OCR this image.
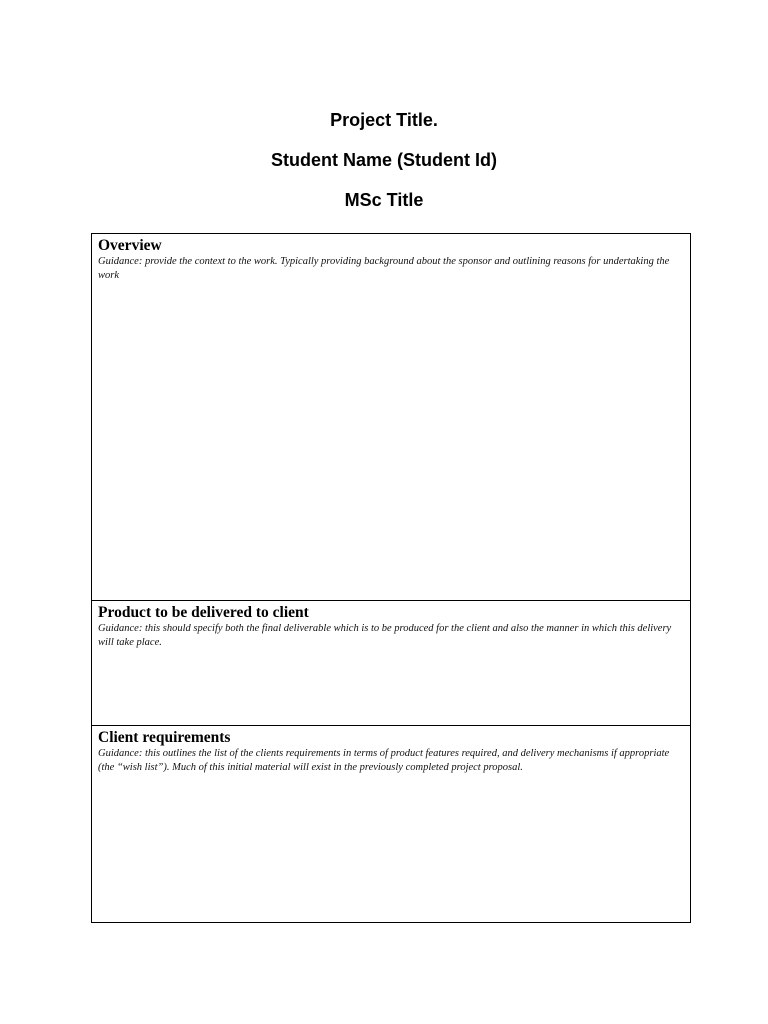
Project Title.
Student Name (Student Id)
MSc Title

Overview

Guidance: provide the context to the work. Typically providing background about the sponsor and outlining reasons for undertaking the work

Product to be delivered to client

Guidance: this should specify both the final deliverable which is to be produced for the client and also the manner in which this delivery will take place.

Client requirements

Guidance: this outlines the list of the clients requirements in terms of product features required, and delivery mechanisms if appropriate (the “wish list”). Much of this initial material will exist in the previously completed project proposal.
